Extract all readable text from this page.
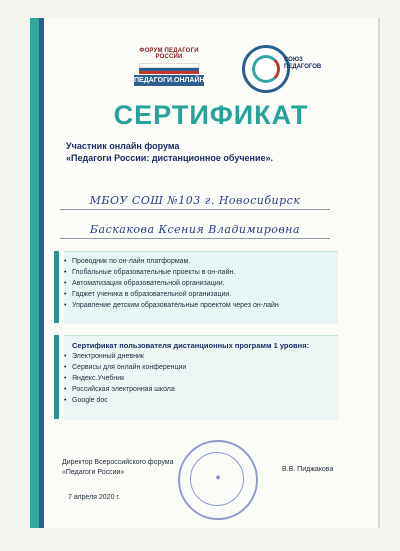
ФОРУМ ПЕДАГОГИ РОССИИ
ПЕДАГОГИ.ОНЛАЙН
СОЮЗ
ПЕДАГОГОВ
СЕРТИФИКАТ
Участник онлайн форума
«Педагоги России: дистанционное обучение».
МБОУ СОШ №103 г. Новосибирск
Баскакова Ксения Владимировна
• Проводник по он-лайн платформам.
• Глобальные образовательные проекты в он-лайн.
• Автоматизация образовательной организации.
• Гаджет ученика в образовательной организации.
• Управление детским образовательные проектом через он-лайн
Сертификат пользователя дистанционных программ 1 уровня:
• Электронный дневник
• Сервисы для онлайн конференции
• Яндекс.Учебник
• Российская электронная школа
• Google doc
Директор Всероссийского форума
«Педагоги России»
◆
В.В. Пиджакова
7 апреля 2020 г.
